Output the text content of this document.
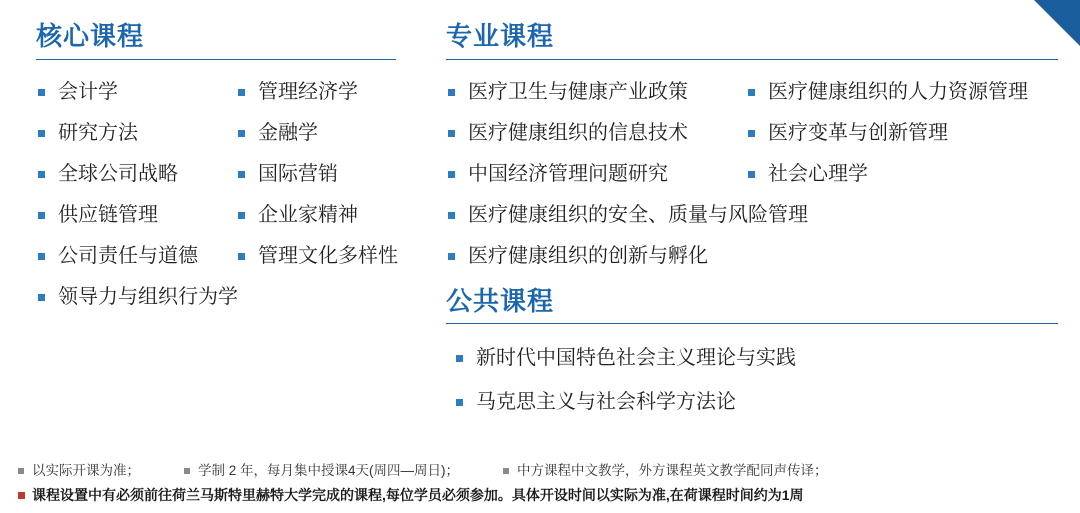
核心课程
会计学	管理经济学
研究方法	金融学
全球公司战略	国际营销
供应链管理	企业家精神
公司责任与道德	管理文化多样性
领导力与组织行为学
专业课程
医疗卫生与健康产业政策	医疗健康组织的人力资源管理
医疗健康组织的信息技术	医疗变革与创新管理
中国经济管理问题研究	社会心理学
医疗健康组织的安全、质量与风险管理
医疗健康组织的创新与孵化
公共课程
新时代中国特色社会主义理论与实践
马克思主义与社会科学方法论
以实际开课为准；	学制 2 年，每月集中授课4天(周四—周日)；	中方课程中文教学，外方课程英文教学配同声传译；
课程设置中有必须前往荷兰马斯特里赫特大学完成的课程,每位学员必须参加。具体开设时间以实际为准,在荷课程时间约为1周
